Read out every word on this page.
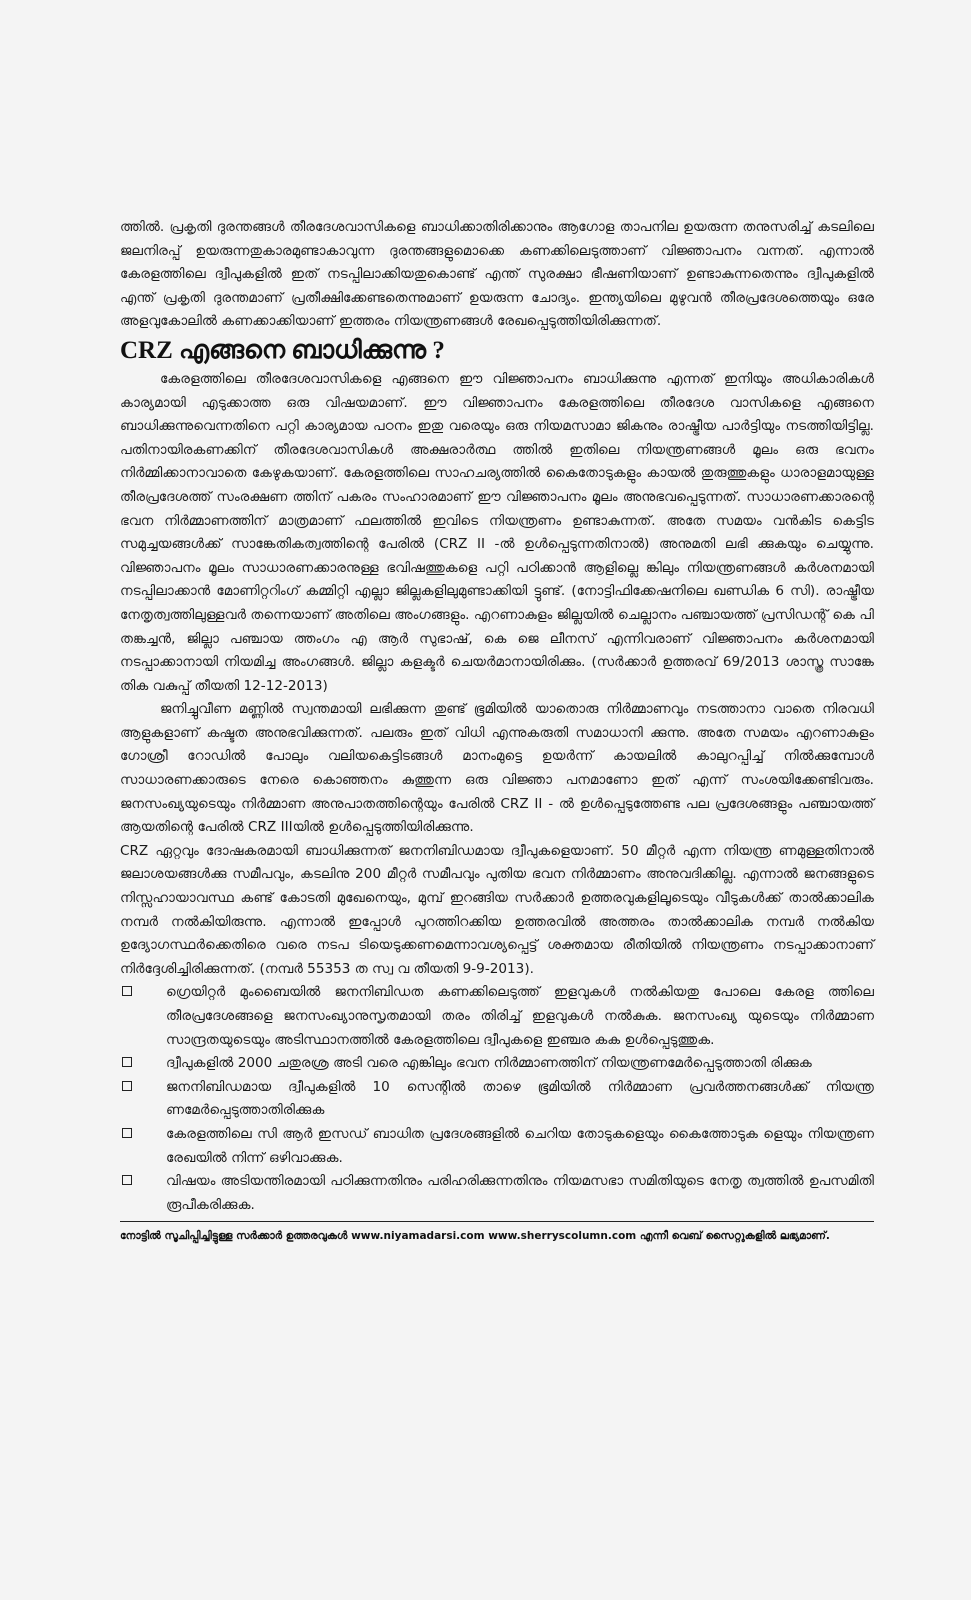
ത്തിൽ. പ്രകൃതി ദുരന്തങ്ങൾ തീരദേശവാസികളെ ബാധിക്കാതിരിക്കാനും ആഗോള താപനില ഉയരുന്ന തനുസരിച്ച് കടലിലെ ജലനിരപ്പ് ഉയരുന്നതുകാരമുണ്ടാകാവുന്ന ദുരന്തങ്ങളുമൊക്കെ കണക്കിലെടുത്താണ് വിജ്ഞാപനം വന്നത്. എന്നാൽ കേരളത്തിലെ ദ്വീപുകളിൽ ഇത് നടപ്പിലാക്കിയതുകൊണ്ട് എന്ത് സുരക്ഷാ ഭീഷണിയാണ് ഉണ്ടാകുന്നതെന്നും ദ്വീപുകളിൽ എന്ത് പ്രകൃതി ദുരന്തമാണ് പ്രതീക്ഷിക്കേണ്ടതെന്നുമാണ് ഉയരുന്ന ചോദ്യം. ഇന്ത്യയിലെ മുഴുവൻ തീരപ്രദേശത്തെയും ഒരേ അളവുകോലിൽ കണക്കാക്കിയാണ് ഇത്തരം നിയന്ത്രണങ്ങൾ രേഖപ്പെടുത്തിയിരിക്കുന്നത്.

CRZ എങ്ങനെ ബാധിക്കുന്നു ?

കേരളത്തിലെ തീരദേശവാസികളെ എങ്ങനെ ഈ വിജ്ഞാപനം ബാധിക്കുന്നു എന്നത് ഇനിയും അധികാരികൾ കാര്യമായി എടുക്കാത്ത ഒരു വിഷയമാണ്. ഈ വിജ്ഞാപനം കേരളത്തിലെ തീരദേശ വാസികളെ എങ്ങനെ ബാധിക്കുന്നുവെന്നതിനെ പറ്റി കാര്യമായ പഠനം ഇതു വരെയും ഒരു നിയമസാമാ ജികനും രാഷ്ട്രീയ പാർട്ടിയും നടത്തിയിട്ടില്ല. പതിനായിരകണക്കിന് തീരദേശവാസികൾ അക്ഷരാർത്ഥ ത്തിൽ ഇതിലെ നിയന്ത്രണങ്ങൾ മൂലം ഒരു ഭവനം നിർമ്മിക്കാനാവാതെ കേഴുകയാണ്. കേരളത്തിലെ സാഹചര്യത്തിൽ കൈതോടുകളും കായൽ തുരുത്തുകളും ധാരാളമായുള്ള തീരപ്രദേശത്ത് സംരക്ഷണ ത്തിന് പകരം സംഹാരമാണ് ഈ വിജ്ഞാപനം മൂലം അനുഭവപ്പെടുന്നത്. സാധാരണക്കാരന്റെ ഭവന നിർമ്മാണത്തിന് മാത്രമാണ് ഫലത്തിൽ ഇവിടെ നിയന്ത്രണം ഉണ്ടാകുന്നത്. അതേ സമയം വൻകിട കെട്ടിട സമുച്ചയങ്ങൾക്ക് സാങ്കേതികത്വത്തിന്റെ പേരിൽ (CRZ II -ൽ ഉൾപ്പെടുന്നതിനാൽ) അനുമതി ലഭി ക്കുകയും ചെയ്യുന്നു. വിജ്ഞാപനം മൂലം സാധാരണക്കാരനുള്ള ഭവിഷത്തുകളെ പറ്റി പഠിക്കാൻ ആളില്ലെ ങ്കിലും നിയന്ത്രണങ്ങൾ കർശനമായി നടപ്പിലാക്കാൻ മോണിറ്ററിംഗ് കമ്മിറ്റി എല്ലാ ജില്ലകളിലുമുണ്ടാക്കിയി ട്ടുണ്ട്. (നോട്ടിഫിക്കേഷനിലെ ഖണ്ഡിക 6 സി). രാഷ്ട്രീയ നേതൃത്വത്തിലുള്ളവർ തന്നെയാണ് അതിലെ അംഗങ്ങളും. എറണാകുളം ജില്ലയിൽ ചെല്ലാനം പഞ്ചായത്ത് പ്രസിഡന്റ് കെ പി തങ്കച്ചൻ, ജില്ലാ പഞ്ചായ ത്തംഗം എ ആർ സുഭാഷ്, കെ ജെ ലീനസ് എന്നിവരാണ് വിജ്ഞാപനം കർശനമായി നടപ്പാക്കാനായി നിയമിച്ച അംഗങ്ങൾ. ജില്ലാ കളക്ടർ ചെയർമാനായിരിക്കും. (സർക്കാർ ഉത്തരവ് 69/2013 ശാസ്ത്ര സാങ്കേ തിക വകുപ്പ് തീയതി 12-12-2013)

ജനിച്ചുവീണ മണ്ണിൽ സ്വന്തമായി ലഭിക്കുന്ന തുണ്ട് ഭൂമിയിൽ യാതൊരു നിർമ്മാണവും നടത്താനാ വാതെ നിരവധി ആളുകളാണ് കഷ്ടത അനുഭവിക്കുന്നത്. പലരും ഇത് വിധി എന്നുകരുതി സമാധാനി ക്കുന്നു. അതേ സമയം എറണാകുളം ഗോശ്രീ റോഡിൽ പോലും വലിയകെട്ടിടങ്ങൾ മാനംമുട്ടെ ഉയർന്ന് കായലിൽ കാലുറപ്പിച്ച് നിൽക്കുമ്പോൾ സാധാരണക്കാരുടെ നേരെ കൊഞ്ഞനം കുത്തുന്ന ഒരു വിജ്ഞാ പനമാണോ ഇത് എന്ന് സംശയിക്കേണ്ടിവരും. ജനസംഖ്യയുടെയും നിർമ്മാണ അനുപാതത്തിന്റെയും പേരിൽ CRZ II - ൽ ഉൾപ്പെടുത്തേണ്ട പല പ്രദേശങ്ങളും പഞ്ചായത്ത് ആയതിന്റെ പേരിൽ CRZ IIIയിൽ ഉൾപ്പെടുത്തിയിരിക്കുന്നു.

CRZ ഏറ്റവും ദോഷകരമായി ബാധിക്കുന്നത് ജനനിബിഡമായ ദ്വീപുകളെയാണ്. 50 മീറ്റർ എന്ന നിയന്ത്ര ണമുള്ളതിനാൽ ജലാശയങ്ങൾക്കു സമീപവും, കടലിനു 200 മീറ്റർ സമീപവും പുതിയ ഭവന നിർമ്മാണം അനുവദിക്കില്ല. എന്നാൽ ജനങ്ങളുടെ നിസ്സഹായാവസ്ഥ കണ്ട് കോടതി മുഖേനെയും, മുമ്പ് ഇറങ്ങിയ സർക്കാർ ഉത്തരവുകളിലൂടെയും വീടുകൾക്ക് താൽക്കാലിക നമ്പർ നൽകിയിരുന്നു. എന്നാൽ ഇപ്പോൾ പുറത്തിറക്കിയ ഉത്തരവിൽ അത്തരം താൽക്കാലിക നമ്പർ നൽകിയ ഉദ്യോഗസ്ഥർക്കെതിരെ വരെ നടപ ടിയെടുക്കണമെന്നാവശ്യപ്പെട്ട് ശക്തമായ രീതിയിൽ നിയന്ത്രണം നടപ്പാക്കാനാണ് നിർദ്ദേശിച്ചിരിക്കുന്നത്. (നമ്പർ 55353 ത സ്വ വ തീയതി 9-9-2013).

ഗ്രെയിറ്റർ മുംബൈയിൽ ജനനിബിഡത കണക്കിലെടുത്ത് ഇളവുകൾ നൽകിയതു പോലെ കേരള ത്തിലെ തീരപ്രദേശങ്ങളെ ജനസംഖ്യാനുസൃതമായി തരം തിരിച്ച് ഇളവുകൾ നൽകുക. ജനസംഖ്യ യുടെയും നിർമ്മാണ സാന്ദ്രതയുടെയും അടിസ്ഥാനത്തിൽ കേരളത്തിലെ ദ്വീപുകളെ ഇഞ്ചര കക ഉൾപ്പെടുത്തുക.
ദ്വീപുകളിൽ 2000 ചതുരശ്ര അടി വരെ എങ്കിലും ഭവന നിർമ്മാണത്തിന് നിയന്ത്രണമേർപ്പെടുത്താതി രിക്കുക
ജനനിബിഡമായ ദ്വീപുകളിൽ 10 സെന്റിൽ താഴെ ഭൂമിയിൽ നിർമ്മാണ പ്രവർത്തനങ്ങൾക്ക് നിയന്ത്ര ണമേർപ്പെടുത്താതിരിക്കുക
കേരളത്തിലെ സി ആർ ഇസഡ് ബാധിത പ്രദേശങ്ങളിൽ ചെറിയ തോടുകളെയും കൈത്തോടുക ളെയും നിയന്ത്രണ രേഖയിൽ നിന്ന് ഒഴിവാക്കുക.
വിഷയം അടിയന്തിരമായി പഠിക്കുന്നതിനും പരിഹരിക്കുന്നതിനും നിയമസഭാ സമിതിയുടെ നേതൃ ത്വത്തിൽ ഉപസമിതി രൂപീകരിക്കുക.

നോട്ടിൽ സൂചിപ്പിച്ചിട്ടുള്ള സർക്കാർ ഉത്തരവുകൾ www.niyamadarsi.com www.sherryscolumn.com എന്നീ വെബ് സൈറ്റുകളിൽ ലഭ്യമാണ്.
